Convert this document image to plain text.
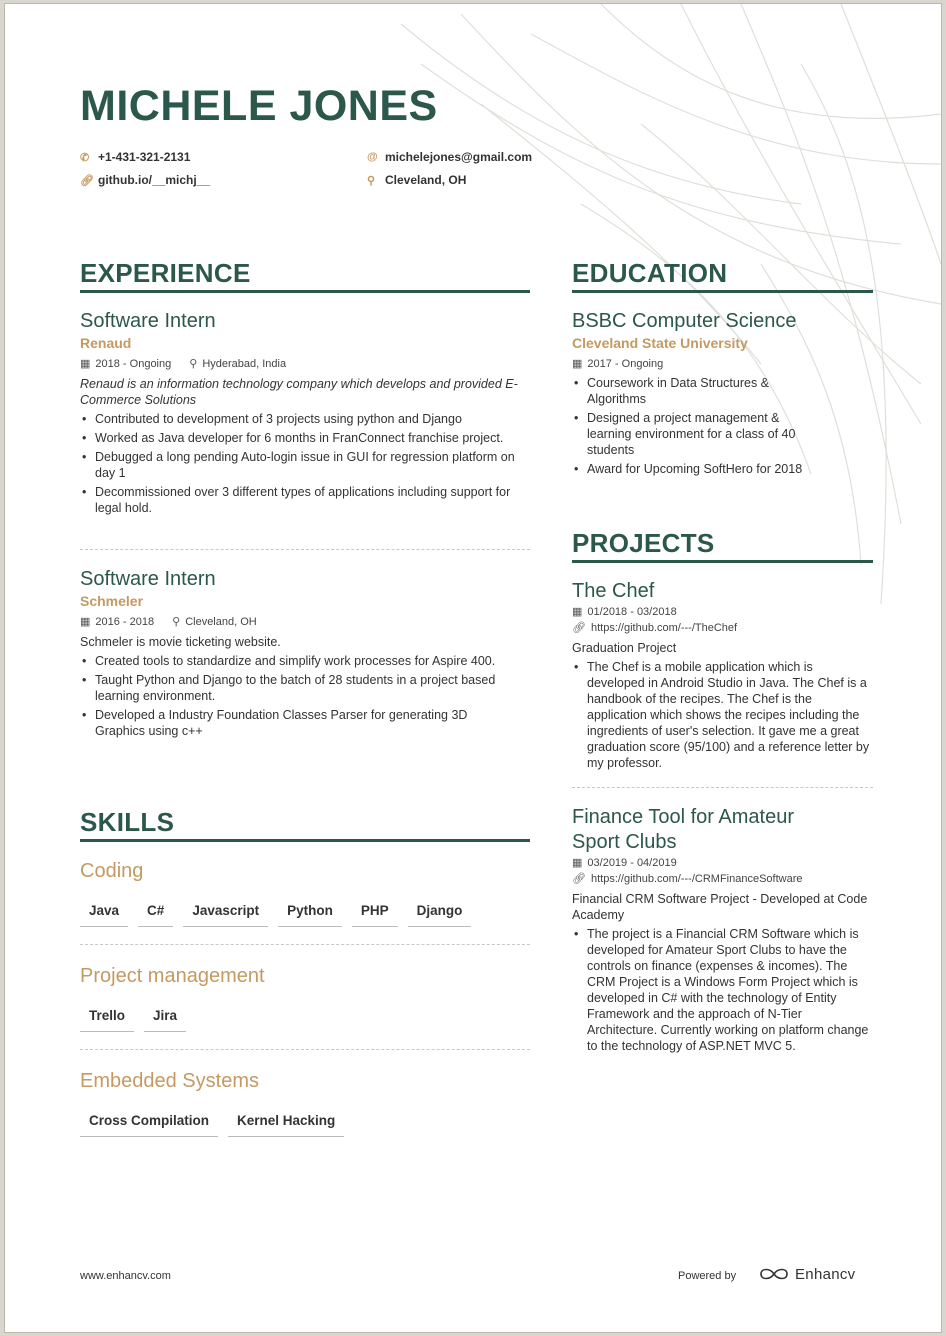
MICHELE JONES
✆ +1-431-321-2131	@ michelejones@gmail.com
🔗︎ github.io/__michj__	⚲ Cleveland, OH
EXPERIENCE
Software Intern
Renaud
▦ 2018 - Ongoing ⚲ Hyderabad, India
Renaud is an information technology company which develops and provided E-Commerce Solutions
• Contributed to development of 3 projects using python and Django
• Worked as Java developer for 6 months in FranConnect franchise project.
• Debugged a long pending Auto-login issue in GUI for regression platform on day 1
• Decommissioned over 3 different types of applications including support for legal hold.
Software Intern
Schmeler
▦ 2016 - 2018 ⚲ Cleveland, OH
Schmeler is movie ticketing website.
• Created tools to standardize and simplify work processes for Aspire 400.
• Taught Python and Django to the batch of 28 students in a project based learning environment.
• Developed a Industry Foundation Classes Parser for generating 3D Graphics using c++
SKILLS
Coding
Java	C#	Javascript	Python	PHP	Django
Project management
Trello	Jira
Embedded Systems
Cross Compilation	Kernel Hacking
EDUCATION
BSBC Computer Science
Cleveland State University
▦ 2017 - Ongoing
• Coursework in Data Structures & Algorithms
• Designed a project management & learning environment for a class of 40 students
• Award for Upcoming SoftHero for 2018
PROJECTS
The Chef
▦ 01/2018 - 03/2018
🔗︎ https://github.com/---/TheChef
Graduation Project
• The Chef is a mobile application which is developed in Android Studio in Java. The Chef is a handbook of the recipes. The Chef is the application which shows the recipes including the ingredients of user's selection. It gave me a great graduation score (95/100) and a reference letter by my professor.
Finance Tool for Amateur Sport Clubs
▦ 03/2019 - 04/2019
🔗︎ https://github.com/---/CRMFinanceSoftware
Financial CRM Software Project - Developed at Code Academy
• The project is a Financial CRM Software which is developed for Amateur Sport Clubs to have the controls on finance (expenses & incomes). The CRM Project is a Windows Form Project which is developed in C# with the technology of Entity Framework and the approach of N-Tier Architecture. Currently working on platform change to the technology of ASP.NET MVC 5.
www.enhancv.com	Powered by	Enhancv
